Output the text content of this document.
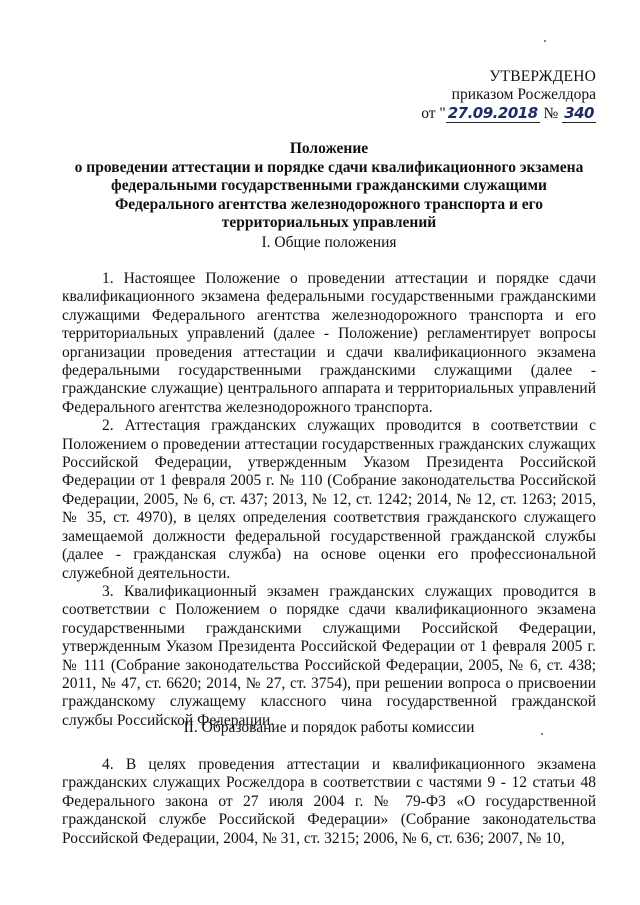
УТВЕРЖДЕНО
приказом Росжелдора
от " 27.09.2018 № 340
Положение
о проведении аттестации и порядке сдачи квалификационного экзамена
федеральными государственными гражданскими служащими
Федерального агентства железнодорожного транспорта и его
территориальных управлений
I. Общие положения

1. Настоящее Положение о проведении аттестации и порядке сдачи квалификационного экзамена федеральными государственными гражданскими служащими Федерального агентства железнодорожного транспорта и его территориальных управлений (далее - Положение) регламентирует вопросы организации проведения аттестации и сдачи квалификационного экзамена федеральными государственными гражданскими служащими (далее - гражданские служащие) центрального аппарата и территориальных управлений Федерального агентства железнодорожного транспорта.

2. Аттестация гражданских служащих проводится в соответствии с Положением о проведении аттестации государственных гражданских служащих Российской Федерации, утвержденным Указом Президента Российской Федерации от 1 февраля 2005 г. № 110 (Собрание законодательства Российской Федерации, 2005, № 6, ст. 437; 2013, № 12, ст. 1242; 2014, № 12, ст. 1263; 2015, № 35, ст. 4970), в целях определения соответствия гражданского служащего замещаемой должности федеральной государственной гражданской службы (далее - гражданская служба) на основе оценки его профессиональной служебной деятельности.

3. Квалификационный экзамен гражданских служащих проводится в соответствии с Положением о порядке сдачи квалификационного экзамена государственными гражданскими служащими Российской Федерации, утвержденным Указом Президента Российской Федерации от 1 февраля 2005 г. № 111 (Собрание законодательства Российской Федерации, 2005, № 6, ст. 438; 2011, № 47, ст. 6620; 2014, № 27, ст. 3754), при решении вопроса о присвоении гражданскому служащему классного чина государственной гражданской службы Российской Федерации.

II. Образование и порядок работы комиссии

4. В целях проведения аттестации и квалификационного экзамена гражданских служащих Росжелдора в соответствии с частями 9 - 12 статьи 48 Федерального закона от 27 июля 2004 г. № 79-ФЗ «О государственной гражданской службе Российской Федерации» (Собрание законодательства Российской Федерации, 2004, № 31, ст. 3215; 2006, № 6, ст. 636; 2007, № 10,
